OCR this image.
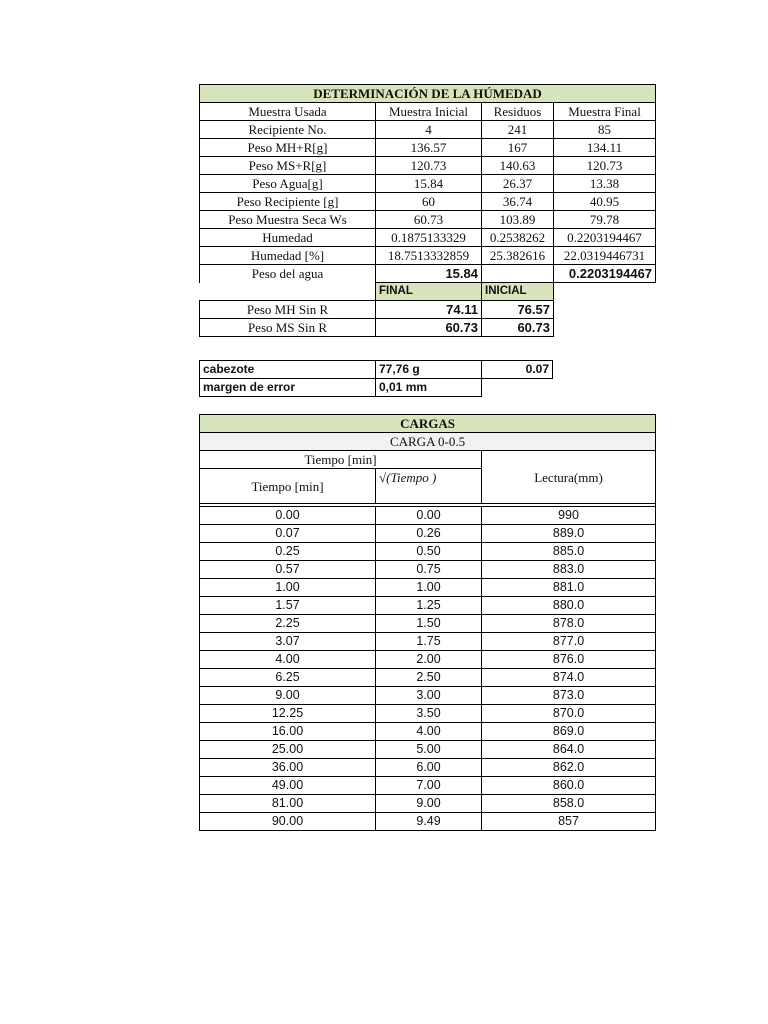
DETERMINACIÓN DE LA HÚMEDAD			
Muestra Usada	Muestra Inicial	Residuos	Muestra Final
Recipiente No.	4	241	85
Peso MH+R[g]	136.57	167	134.11
Peso MS+R[g]	120.73	140.63	120.73
Peso Agua[g]	15.84	26.37	13.38
Peso Recipiente [g]	60	36.74	40.95
Peso Muestra Seca Ws	60.73	103.89	79.78
Humedad	0.1875133329	0.2538262	0.2203194467
Humedad [%]	18.7513332859	25.382616	22.0319446731
Peso del agua	15.84		0.2203194467
	FINAL	INICIAL	
Peso MH Sin R	74.11	76.57	
Peso MS Sin R	60.73	60.73	
cabezote	77,76 g	0.07
margen de error	0,01 mm	
CARGAS		
CARGA 0-0.5		
Tiempo [min]		Lectura(mm)
Tiempo [min]	√(Tiempo )	

0.00	0.00	990
0.07	0.26	889.0
0.25	0.50	885.0
0.57	0.75	883.0
1.00	1.00	881.0
1.57	1.25	880.0
2.25	1.50	878.0
3.07	1.75	877.0
4.00	2.00	876.0
6.25	2.50	874.0
9.00	3.00	873.0
12.25	3.50	870.0
16.00	4.00	869.0
25.00	5.00	864.0
36.00	6.00	862.0
49.00	7.00	860.0
81.00	9.00	858.0
90.00	9.49	857
